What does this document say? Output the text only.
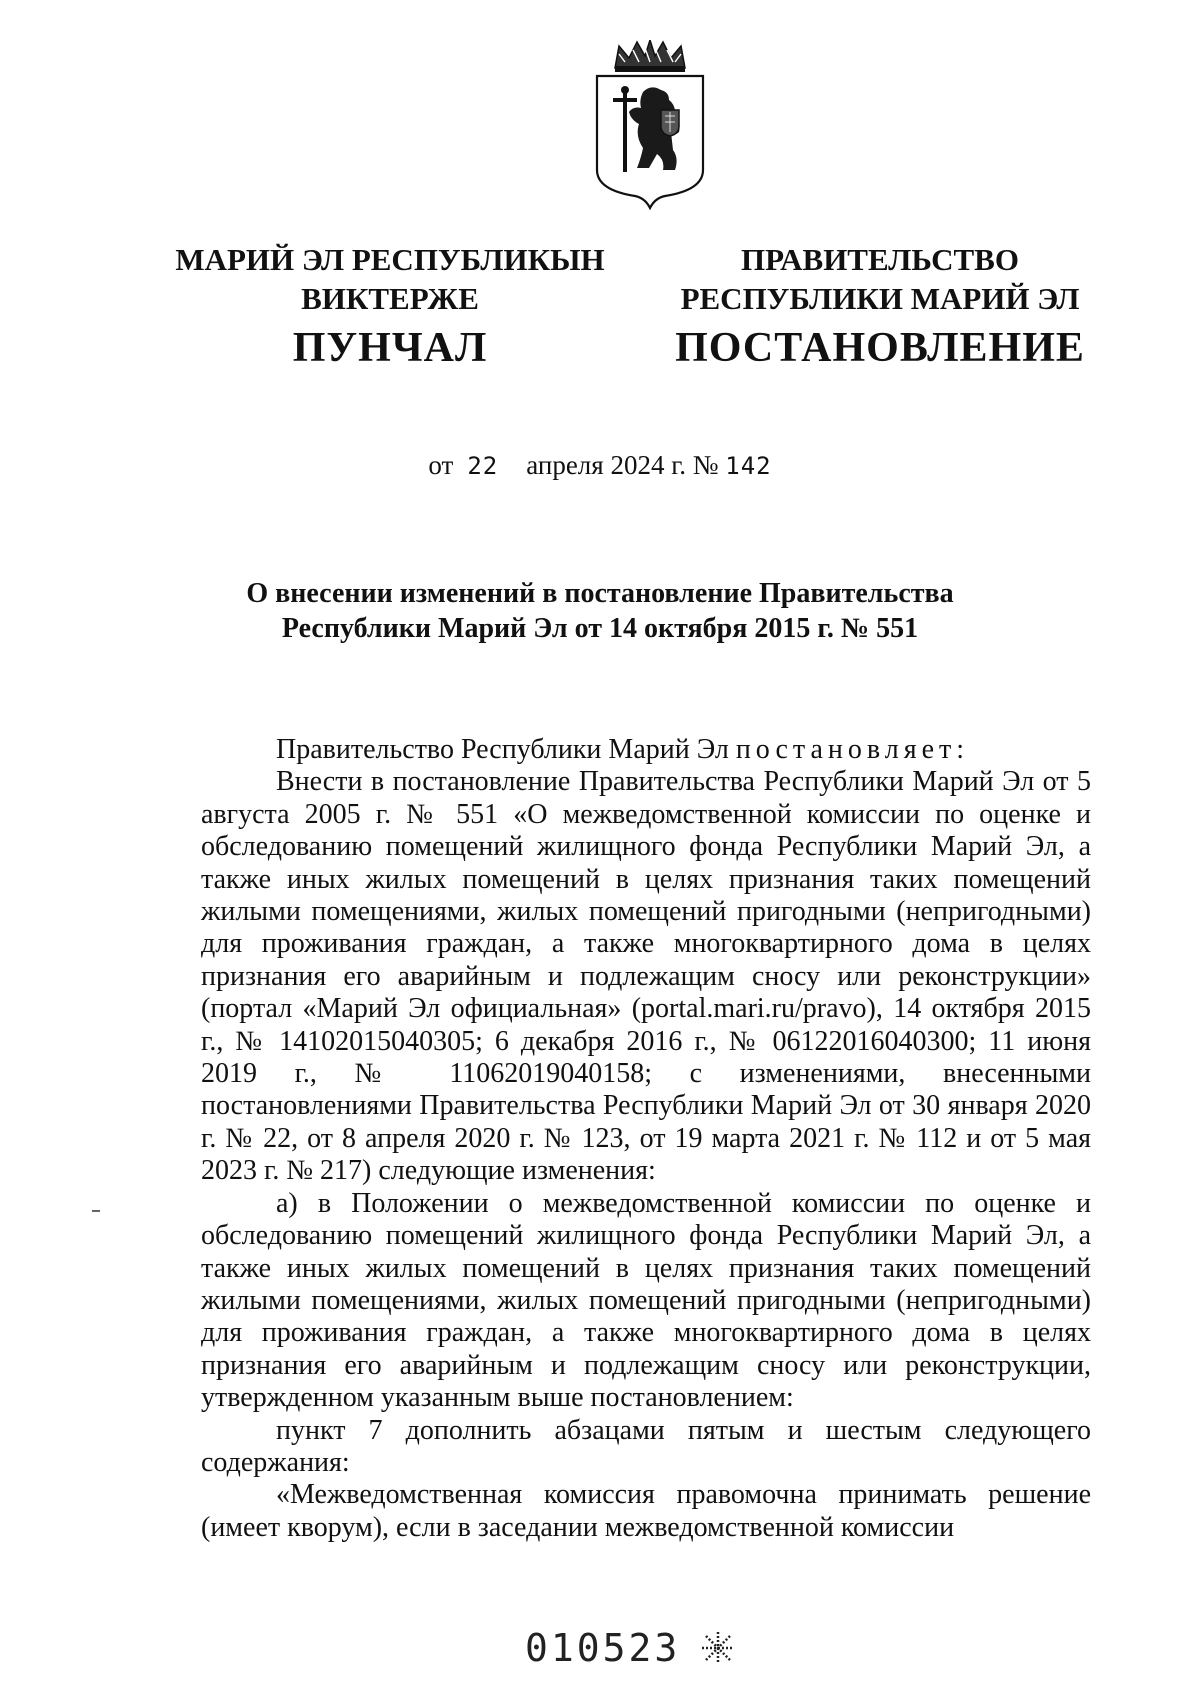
МАРИЙ ЭЛ РЕСПУБЛИКЫН
ВИКТЕРЖЕ
ПУНЧАЛ
ПРАВИТЕЛЬСТВО
РЕСПУБЛИКИ МАРИЙ ЭЛ
ПОСТАНОВЛЕНИЕ
от 22 апреля 2024 г. № 142
О внесении изменений в постановление Правительства
Республики Марий Эл от 14 октября 2015 г. № 551

Правительство Республики Марий Эл постановляет:

Внести в постановление Правительства Республики Марий Эл от 5 августа 2005 г. № 551 «О межведомственной комиссии по оценке и обследованию помещений жилищного фонда Республики Марий Эл, а также иных жилых помещений в целях признания таких помещений жилыми помещениями, жилых помещений пригодными (непригодными) для проживания граждан, а также многоквартирного дома в целях признания его аварийным и подлежащим сносу или реконструкции» (портал «Марий Эл официальная» (portal.mari.ru/pravo), 14 октября 2015 г., № 14102015040305; 6 декабря 2016 г., № 06122016040300; 11 июня 2019 г., № 11062019040158; с изменениями, внесенными постановлениями Правительства Республики Марий Эл от 30 января 2020 г. № 22, от 8 апреля 2020 г. № 123, от 19 марта 2021 г. № 112 и от 5 мая 2023 г. № 217) следующие изменения:

а) в Положении о межведомственной комиссии по оценке и обследованию помещений жилищного фонда Республики Марий Эл, а также иных жилых помещений в целях признания таких помещений жилыми помещениями, жилых помещений пригодными (непригодными) для проживания граждан, а также многоквартирного дома в целях признания его аварийным и подлежащим сносу или реконструкции, утвержденном указанным выше постановлением:

пункт 7 дополнить абзацами пятым и шестым следующего содержания:

«Межведомственная комиссия правомочна принимать решение (имеет кворум), если в заседании межведомственной комиссии

010523
